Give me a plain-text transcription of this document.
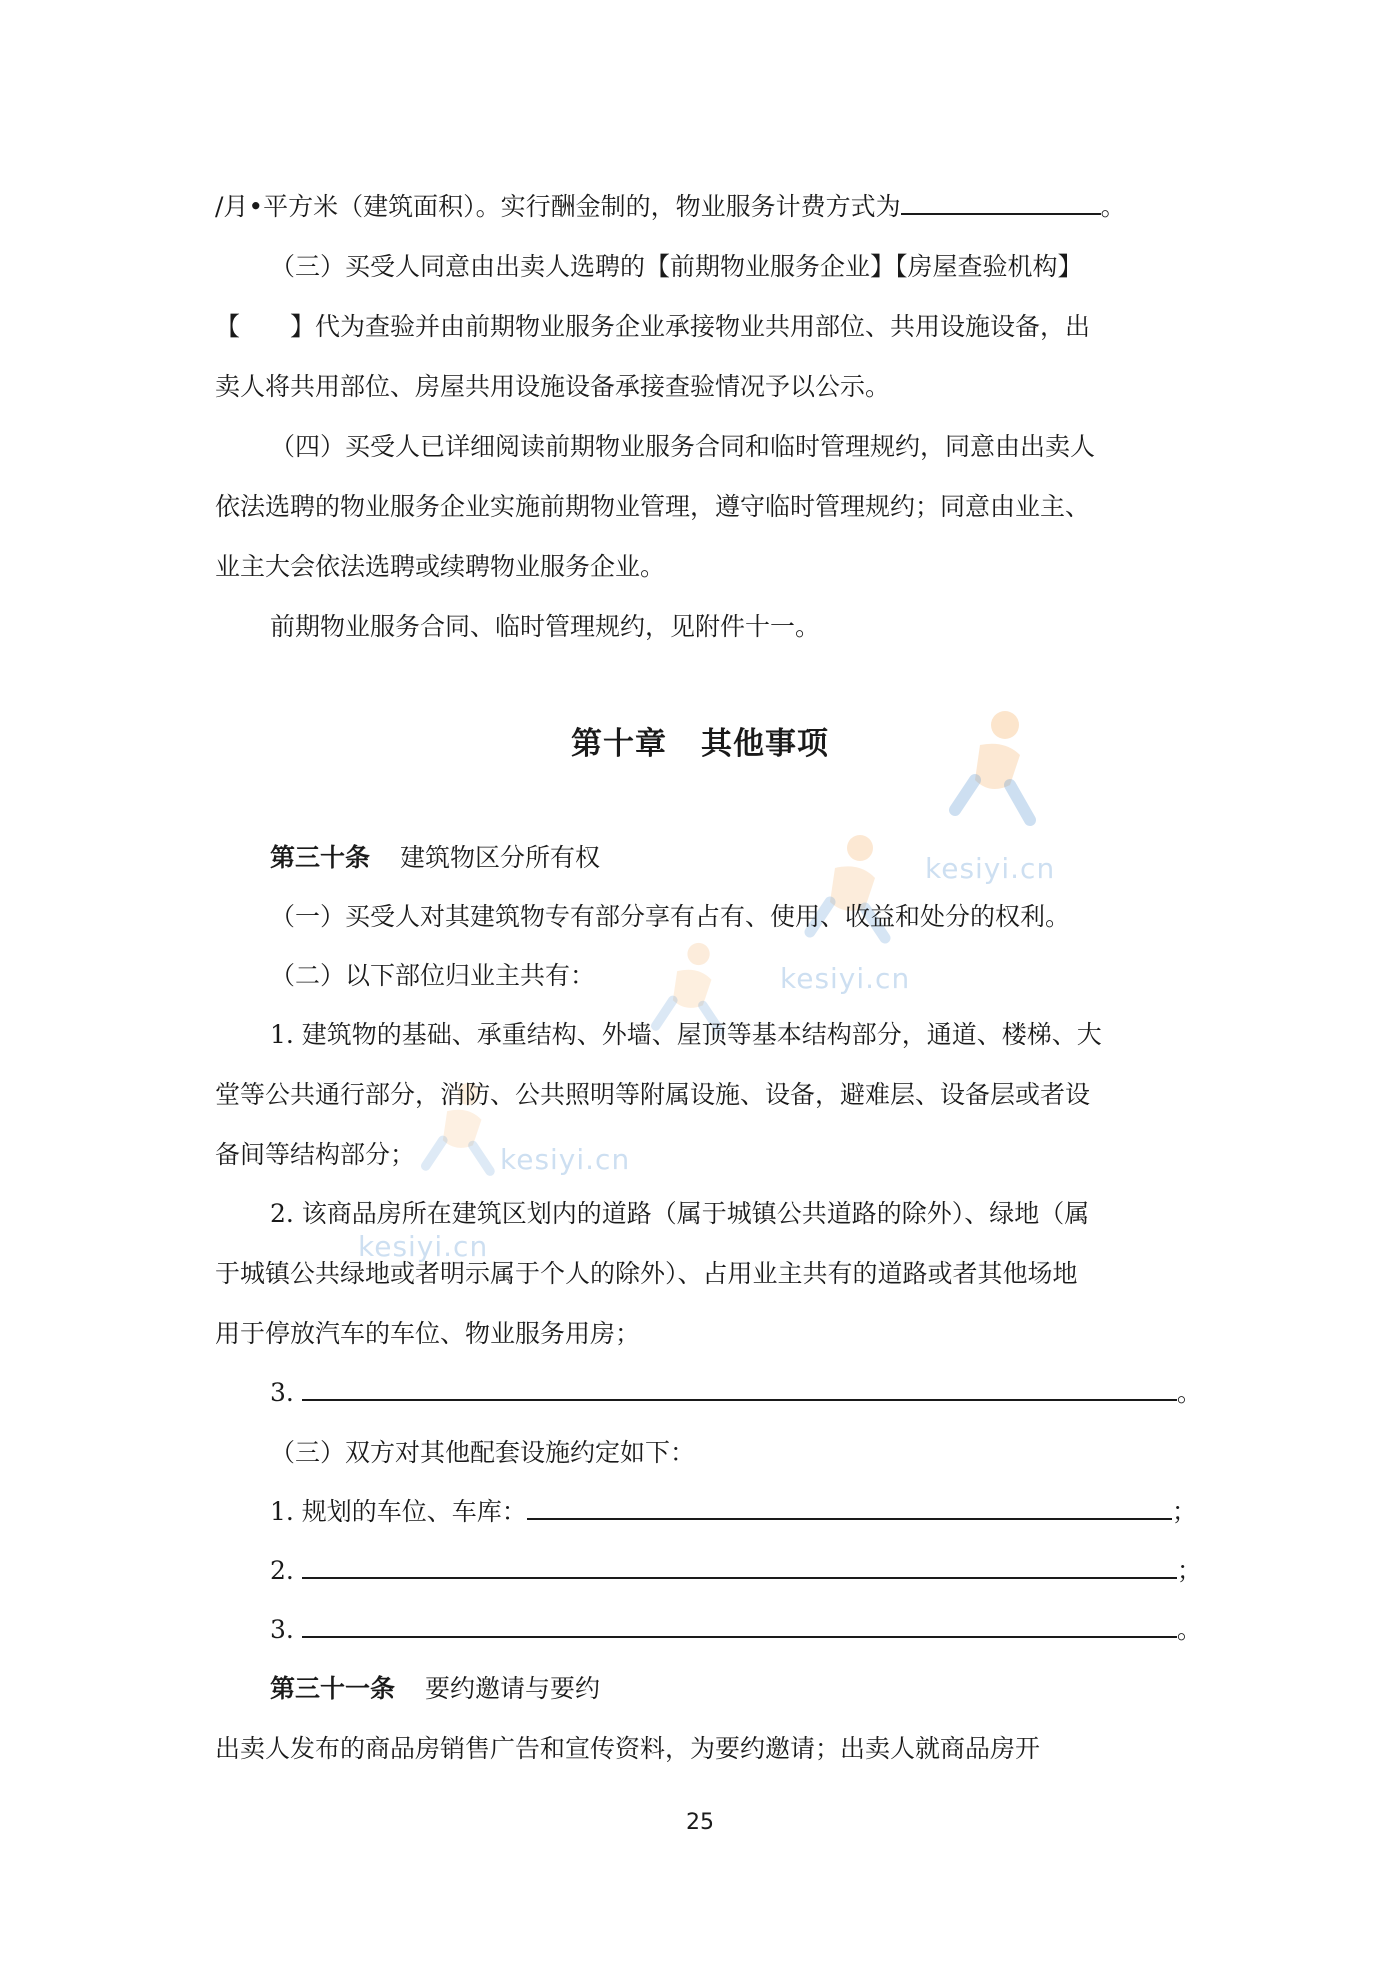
kesiyi.cn
kesiyi.cn
kesiyi.cn
kesiyi.cn
/月•平方米（建筑面积）。实行酬金制的，物业服务计费方式为	。
（三）买受人同意由出卖人选聘的【前期物业服务企业】【房屋查验机构】
【　　】代为查验并由前期物业服务企业承接物业共用部位、共用设施设备，出
卖人将共用部位、房屋共用设施设备承接查验情况予以公示。
（四）买受人已详细阅读前期物业服务合同和临时管理规约，同意由出卖人
依法选聘的物业服务企业实施前期物业管理，遵守临时管理规约；同意由业主、
业主大会依法选聘或续聘物业服务企业。
前期物业服务合同、临时管理规约，见附件十一。
第十章 其他事项
第三十条 建筑物区分所有权
（一）买受人对其建筑物专有部分享有占有、使用、收益和处分的权利。
（二）以下部位归业主共有：
1. 建筑物的基础、承重结构、外墙、屋顶等基本结构部分，通道、楼梯、大
堂等公共通行部分，消防、公共照明等附属设施、设备，避难层、设备层或者设
备间等结构部分；
2. 该商品房所在建筑区划内的道路（属于城镇公共道路的除外）、绿地（属
于城镇公共绿地或者明示属于个人的除外）、占用业主共有的道路或者其他场地
用于停放汽车的车位、物业服务用房；
3.	。
（三）双方对其他配套设施约定如下：
1. 规划的车位、车库：	；
2.	；
3.	。
第三十一条 要约邀请与要约
出卖人发布的商品房销售广告和宣传资料，为要约邀请；出卖人就商品房开
25
